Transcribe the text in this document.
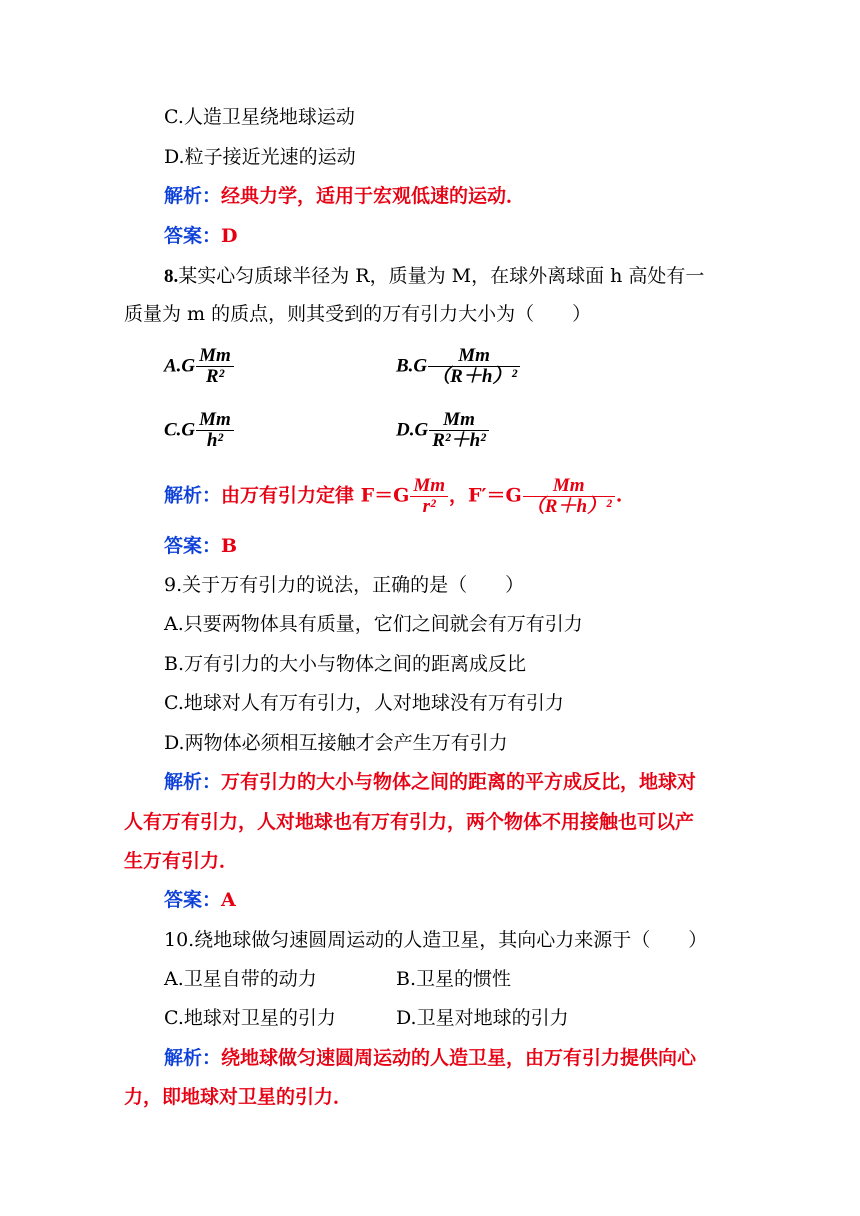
C.人造卫星绕地球运动
D.粒子接近光速的运动
解析：经典力学，适用于宏观低速的运动．
答案：D
8.某实心匀质球半径为 R，质量为 M，在球外离球面 h 高处有一
质量为 m 的质点，则其受到的万有引力大小为（　　）
$A.G \frac{Mm}{\text{R²}}$	$B.G \frac{Mm}{\text{（R＋h）²}}$
$C.G \frac{Mm}{\text{h²}}$	$D.G \frac{Mm}{\text{R²＋h²}}$
解析：由万有引力定律 $F=G \frac{Mm}{\text{r²}}$ ，$F'=G \frac{Mm}{\text{（R＋h）²}}$ .
答案：B
9.关于万有引力的说法，正确的是（　　）
A.只要两物体具有质量，它们之间就会有万有引力
B.万有引力的大小与物体之间的距离成反比
C.地球对人有万有引力，人对地球没有万有引力
D.两物体必须相互接触才会产生万有引力
解析：万有引力的大小与物体之间的距离的平方成反比，地球对
人有万有引力，人对地球也有万有引力，两个物体不用接触也可以产
生万有引力．
答案：A
10.绕地球做匀速圆周运动的人造卫星，其向心力来源于（　　）
A.卫星自带的动力	B.卫星的惯性
C.地球对卫星的引力	D.卫星对地球的引力
解析：绕地球做匀速圆周运动的人造卫星，由万有引力提供向心
力，即地球对卫星的引力．
